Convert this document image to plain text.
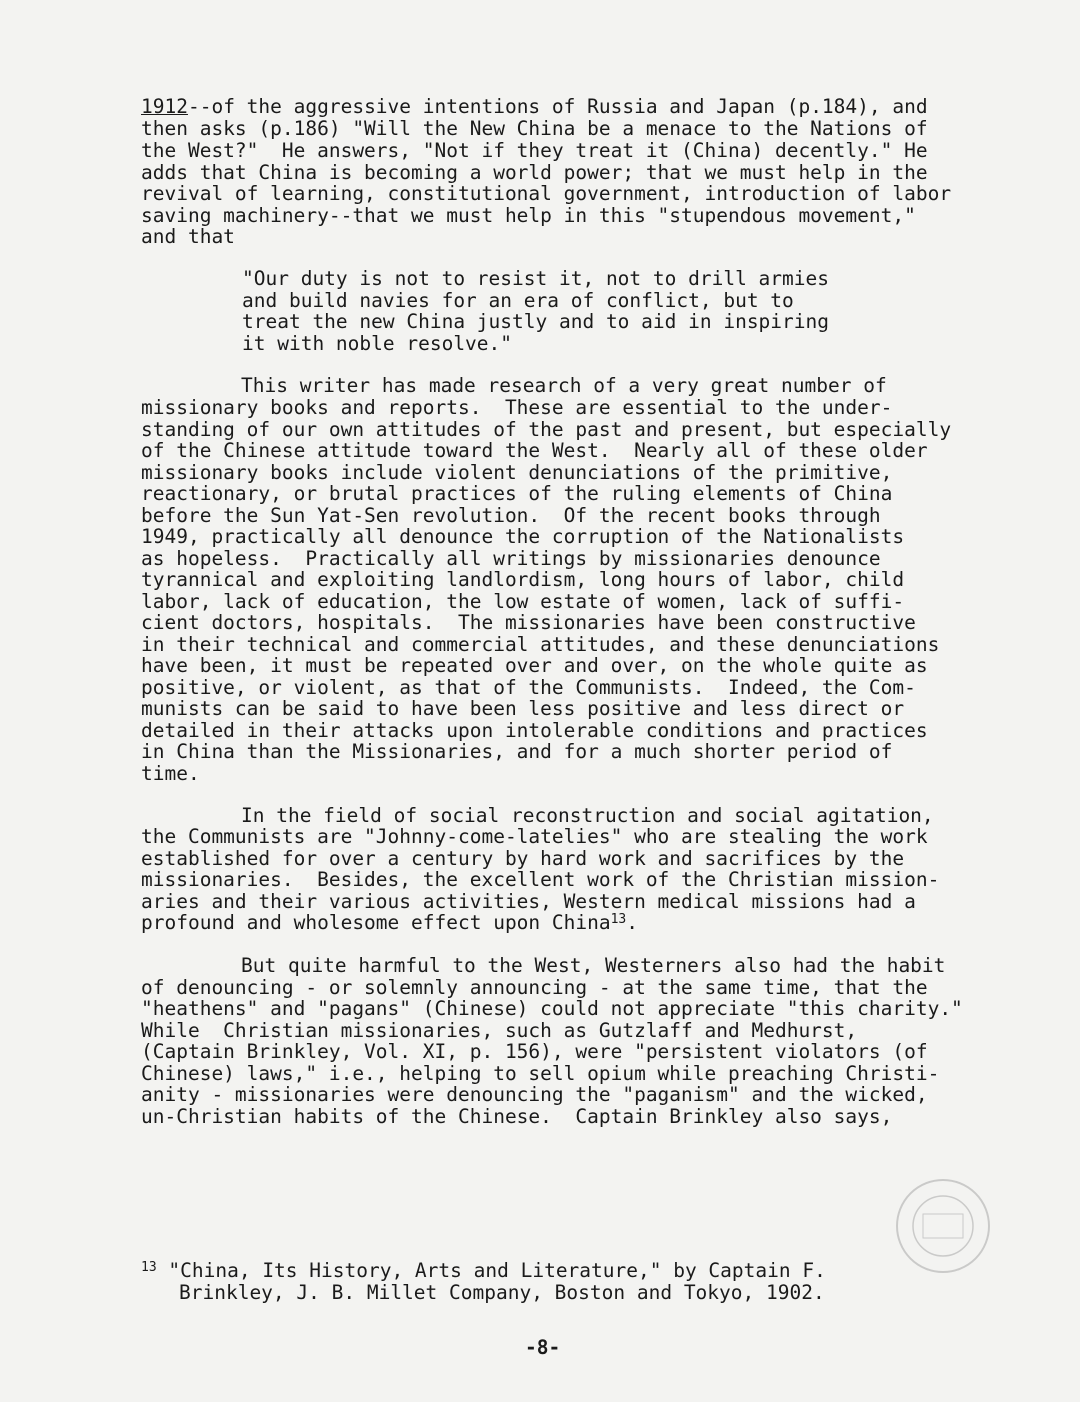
1912--of the aggressive intentions of Russia and Japan (p.184), and
then asks (p.186) "Will the New China be a menace to the Nations of
the West?"  He answers, "Not if they treat it (China) decently." He
adds that China is becoming a world power; that we must help in the
revival of learning, constitutional government, introduction of labor
saving machinery--that we must help in this "stupendous movement,"
and that
"Our duty is not to resist it, not to drill armies
and build navies for an era of conflict, but to
treat the new China justly and to aid in inspiring
it with noble resolve."
This writer has made research of a very great number of
missionary books and reports.  These are essential to the under-
standing of our own attitudes of the past and present, but especially
of the Chinese attitude toward the West.  Nearly all of these older
missionary books include violent denunciations of the primitive,
reactionary, or brutal practices of the ruling elements of China
before the Sun Yat-Sen revolution.  Of the recent books through
1949, practically all denounce the corruption of the Nationalists
as hopeless.  Practically all writings by missionaries denounce
tyrannical and exploiting landlordism, long hours of labor, child
labor, lack of education, the low estate of women, lack of suffi-
cient doctors, hospitals.  The missionaries have been constructive
in their technical and commercial attitudes, and these denunciations
have been, it must be repeated over and over, on the whole quite as
positive, or violent, as that of the Communists.  Indeed, the Com-
munists can be said to have been less positive and less direct or
detailed in their attacks upon intolerable conditions and practices
in China than the Missionaries, and for a much shorter period of
time.
In the field of social reconstruction and social agitation,
the Communists are "Johnny-come-latelies" who are stealing the work
established for over a century by hard work and sacrifices by the
missionaries.  Besides, the excellent work of the Christian mission-
aries and their various activities, Western medical missions had a
profound and wholesome effect upon China$^{13}$.
But quite harmful to the West, Westerners also had the habit
of denouncing - or solemnly announcing - at the same time, that the
"heathens" and "pagans" (Chinese) could not appreciate "this charity."
While  Christian missionaries, such as Gutzlaff and Medhurst,
(Captain Brinkley, Vol. XI, p. 156), were "persistent violators (of
Chinese) laws," i.e., helping to sell opium while preaching Christi-
anity - missionaries were denouncing the "paganism" and the wicked,
un-Christian habits of the Chinese.  Captain Brinkley also says,
$^{13}$ "China, Its History, Arts and Literature," by Captain F.
Brinkley, J. B. Millet Company, Boston and Tokyo, 1902.
-8-
